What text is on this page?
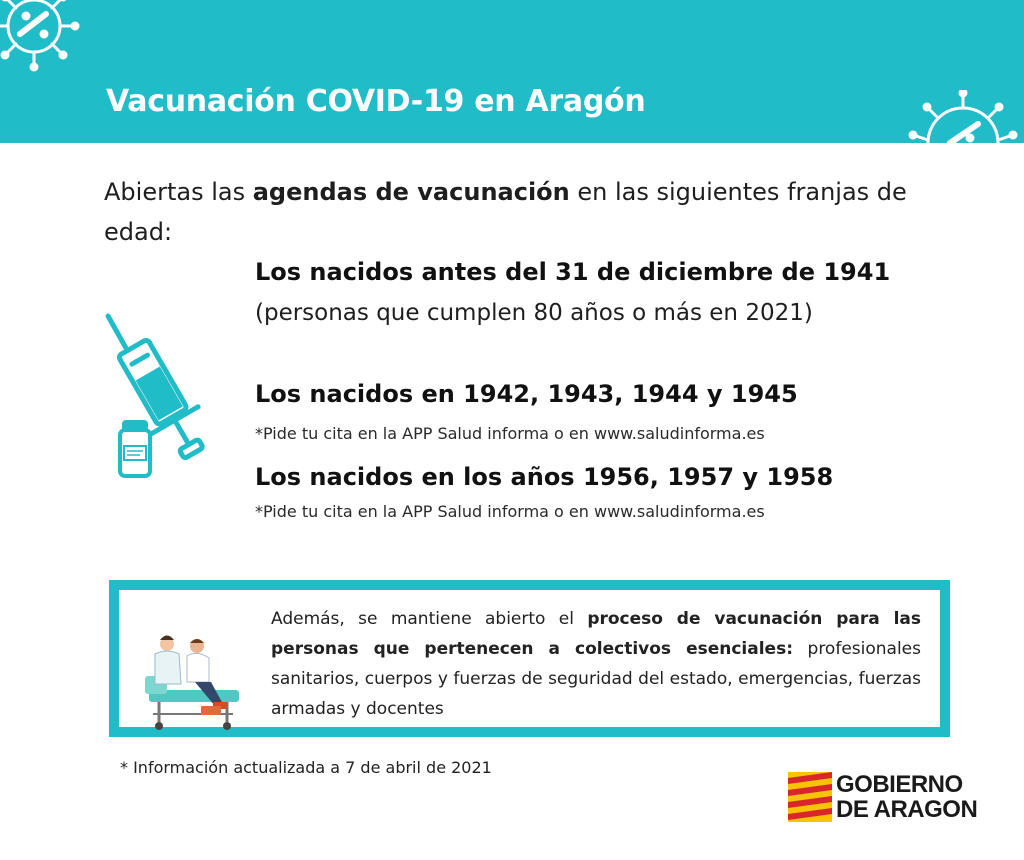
Vacunación COVID-19 en Aragón
Abiertas las agendas de vacunación en las siguientes franjas de edad:
Los nacidos antes del 31 de diciembre de 1941
(personas que cumplen 80 años o más en 2021)
Los nacidos en 1942, 1943, 1944 y 1945
*Pide tu cita en la APP Salud informa o en www.saludinforma.es
Los nacidos en los años 1956, 1957 y 1958
*Pide tu cita en la APP Salud informa o en www.saludinforma.es
Además, se mantiene abierto el proceso de vacunación para las personas que pertenecen a colectivos esenciales: profesionales sanitarios, cuerpos y fuerzas de seguridad del estado, emergencias, fuerzas armadas y docentes
* Información actualizada a 7 de abril de 2021
GOBIERNO
DE ARAGON
